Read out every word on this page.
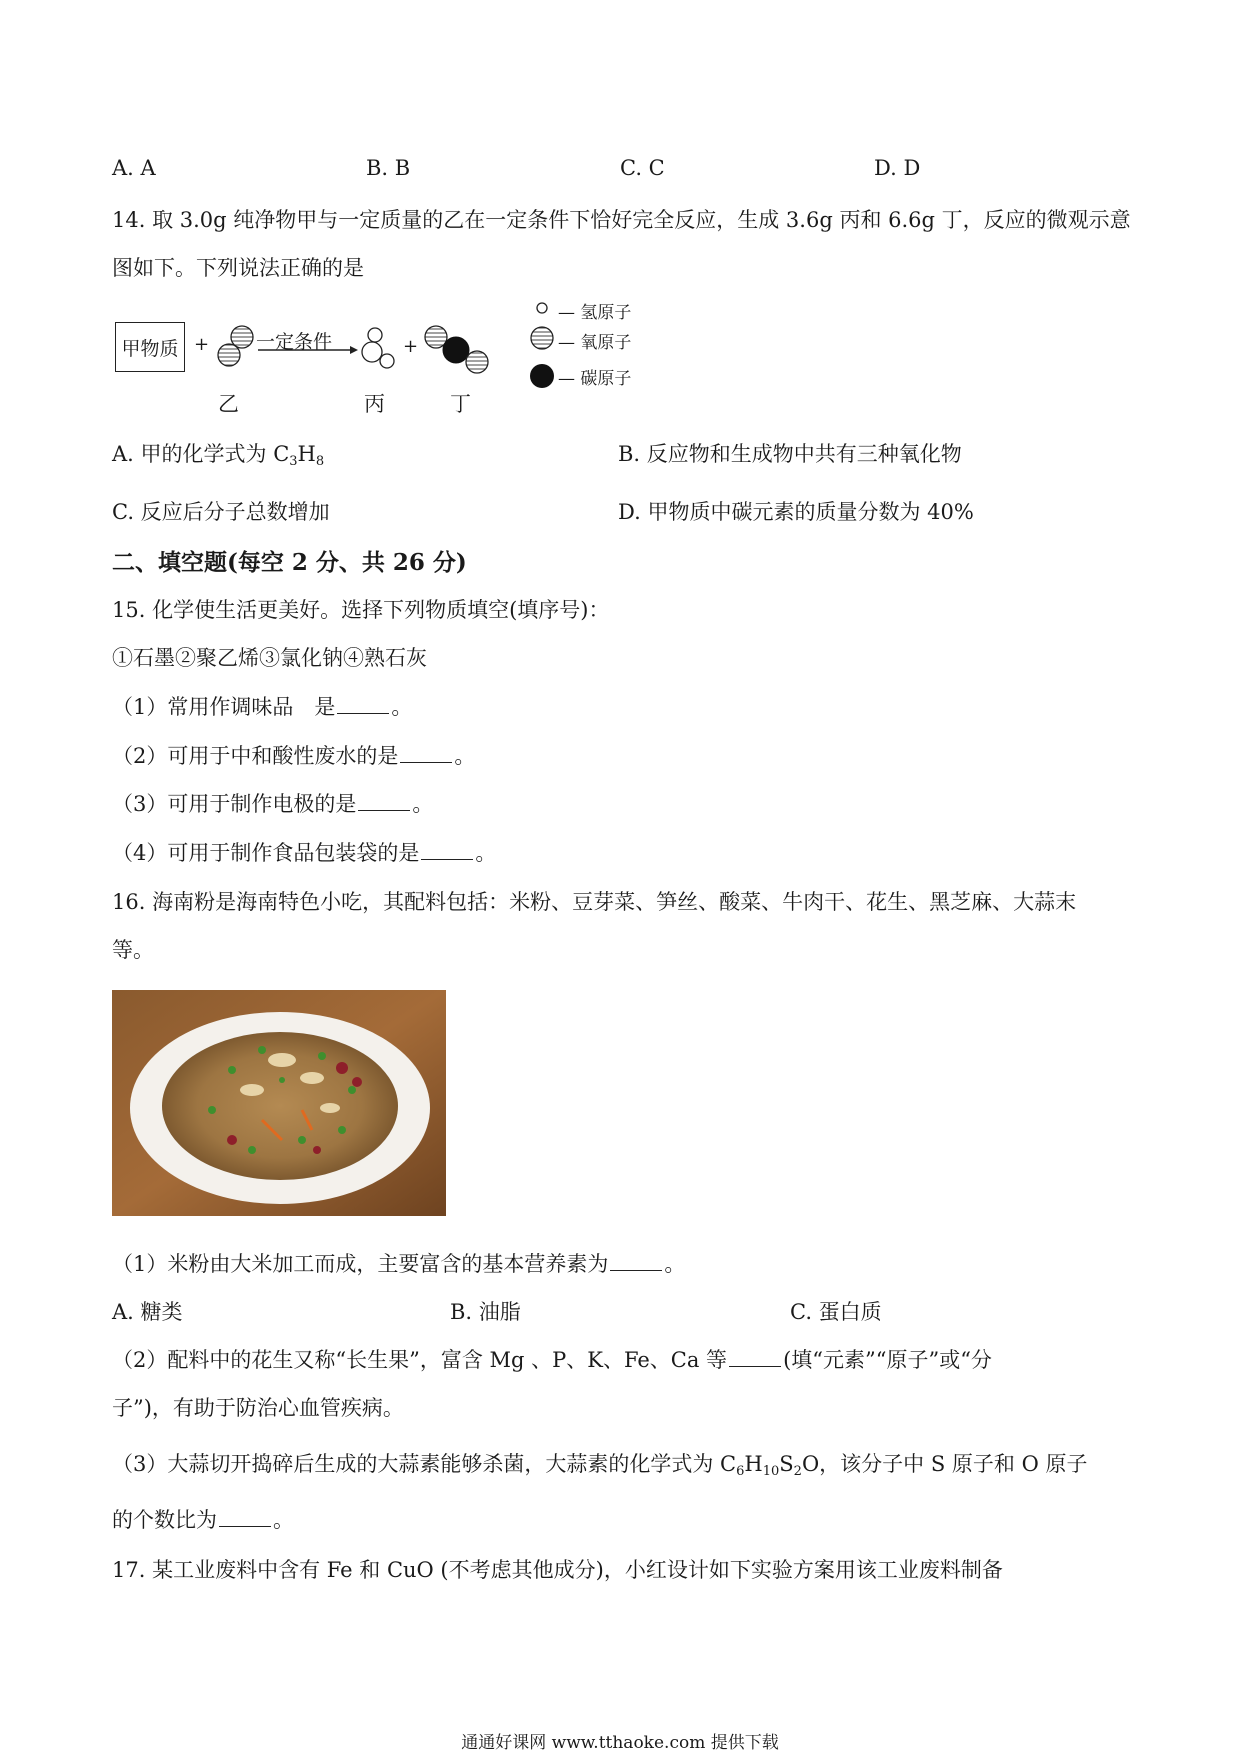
A. A	B. B	C. C	D. D
14. 取 3.0g 纯净物甲与一定质量的乙在一定条件下恰好完全反应，生成 3.6g 丙和 6.6g 丁，反应的微观示意
图如下。下列说法正确的是
甲物质 +	+
一定条件
乙	丙	丁
— 氢原子
— 氧原子
— 碳原子
A. 甲的化学式为 $C_3H_8$	B. 反应物和生成物中共有三种氧化物
C. 反应后分子总数增加	D. 甲物质中碳元素的质量分数为 40%
二、填空题(每空 2 分、共 26 分)
15. 化学使生活更美好。选择下列物质填空(填序号)：
①石墨②聚乙烯③氯化钠④熟石灰
（1）常用作调味品　是	。
（2）可用于中和酸性废水的是	。
（3）可用于制作电极的是	。
（4）可用于制作食品包装袋的是	。
16. 海南粉是海南特色小吃，其配料包括：米粉、豆芽菜、笋丝、酸菜、牛肉干、花生、黑芝麻、大蒜末
等。
（1）米粉由大米加工而成，主要富含的基本营养素为	。
A. 糖类	B. 油脂	C. 蛋白质
（2）配料中的花生又称“长生果”，富含 Mg 、P、K、Fe、Ca 等	(填“元素”“原子”或“分
子”)，有助于防治心血管疾病。
（3）大蒜切开捣碎后生成的大蒜素能够杀菌，大蒜素的化学式为 $C_6H_{10}S_2O$，该分子中 S 原子和 O 原子
的个数比为	。
17. 某工业废料中含有 Fe 和 CuO (不考虑其他成分)，小红设计如下实验方案用该工业废料制备
通通好课网 www.tthaoke.com 提供下载
